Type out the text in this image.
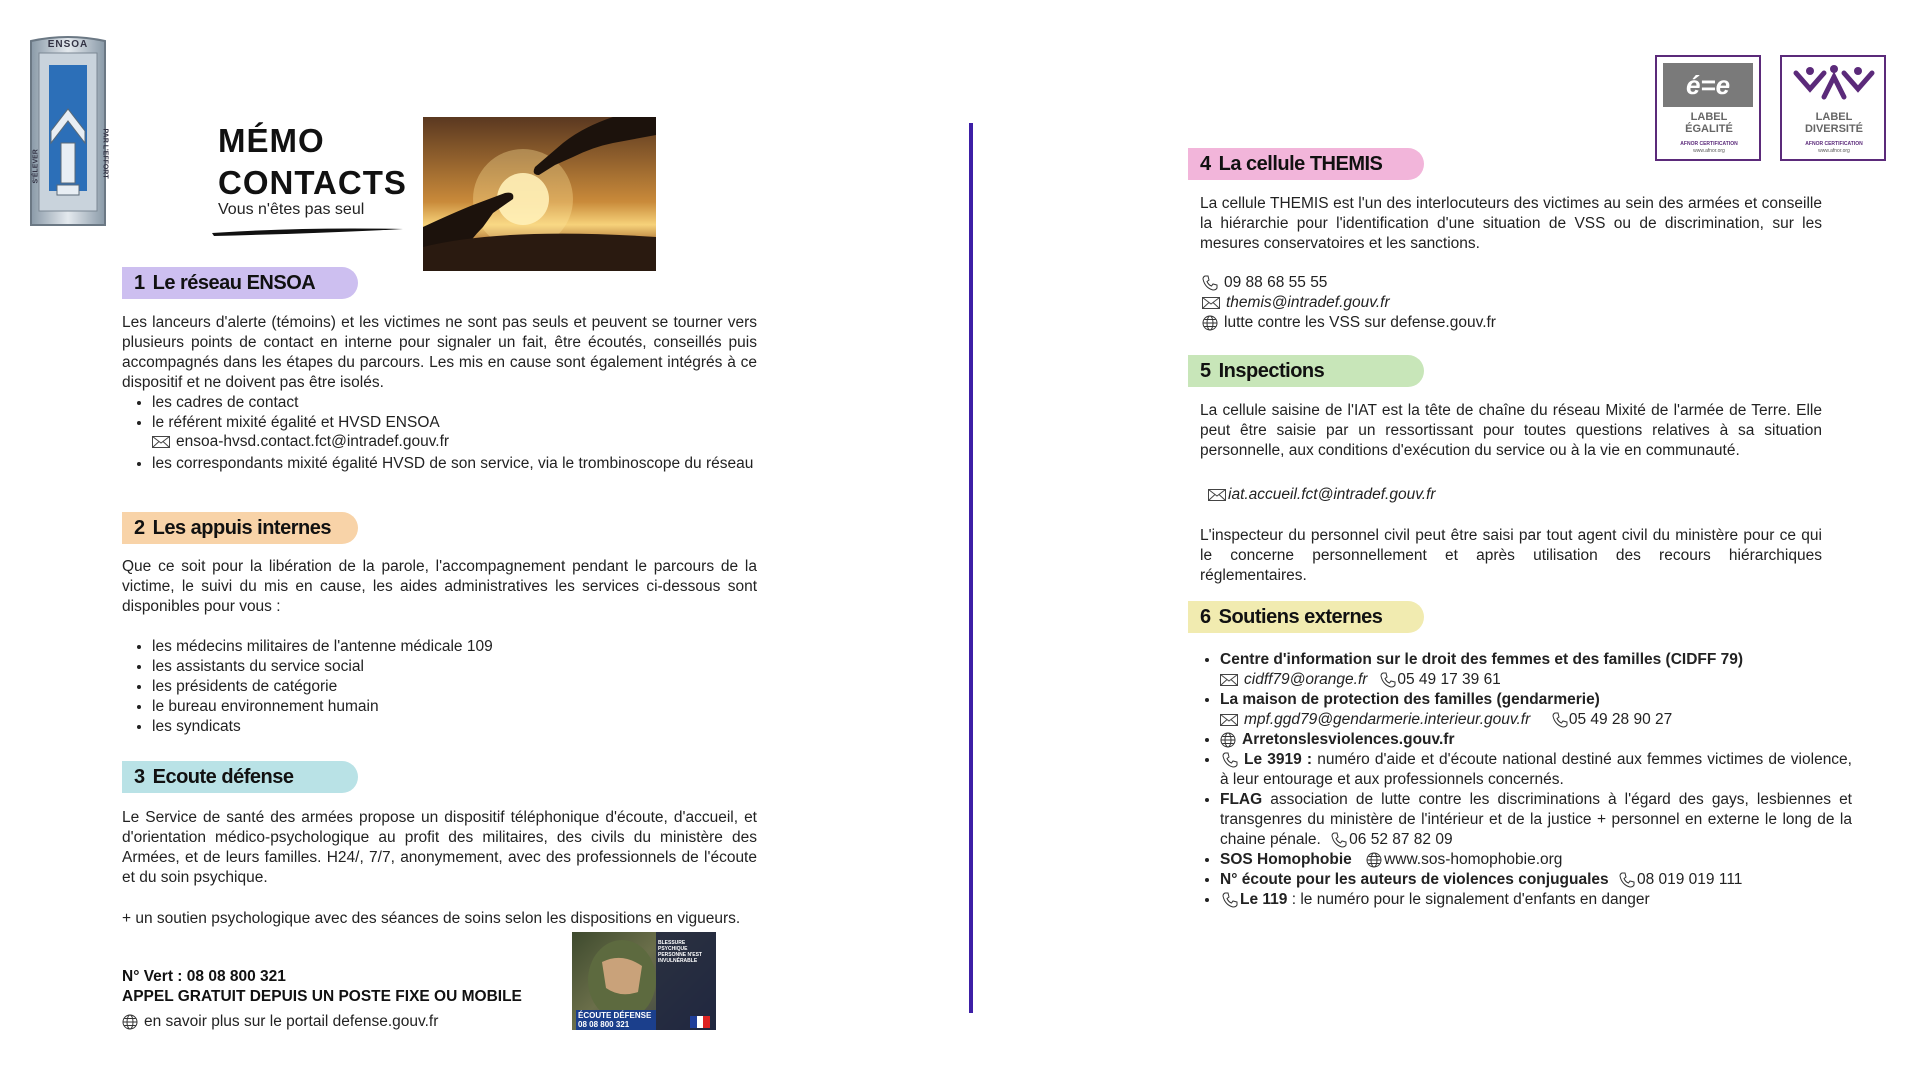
ENSOA
S'ÉLEVER	PAR L'EFFORT	MÉMO
CONTACTS
Vous n'êtes pas seul
1 Le réseau ENSOA

Les lanceurs d'alerte (témoins) et les victimes ne sont pas seuls et peuvent se tourner vers plusieurs points de contact en interne pour signaler un fait, être écoutés, conseillés puis accompagnés dans les étapes du parcours. Les mis en cause sont également intégrés à ce dispositif et ne doivent pas être isolés.

• les cadres de contact
• le référent mixité égalité et HVSD ENSOA
ensoa-hvsd.contact.fct@intradef.gouv.fr
• les correspondants mixité égalité HVSD de son service, via le trombinoscope du réseau
2 Les appuis internes

Que ce soit pour la libération de la parole, l'accompagnement pendant le parcours de la victime, le suivi du mis en cause, les aides administratives les services ci-dessous sont disponibles pour vous :

• les médecins militaires de l'antenne médicale 109
• les assistants du service social
• les présidents de catégorie
• le bureau environnement humain
• les syndicats
3 Ecoute défense

Le Service de santé des armées propose un dispositif téléphonique d'écoute, d'accueil, et d'orientation médico-psychologique au profit des militaires, des civils du ministère des Armées, et de leurs familles. H24/, 7/7, anonymement, avec des professionnels de l'écoute et du soin psychique.

+ un soutien psychologique avec des séances de soins selon les dispositions en vigueurs.

N° Vert : 08 08 800 321
APPEL GRATUIT DEPUIS UN POSTE FIXE OU MOBILE
en savoir plus sur le portail defense.gouv.fr
BLESSURE PSYCHIQUE
PERSONNE N'EST INVULNÉRABLE
ÉCOUTE DÉFENSE
08 08 800 321
é=e
LABEL
ÉGALITÉ
AFNOR CERTIFICATION
www.afnor.org
LABEL
DIVERSITÉ
AFNOR CERTIFICATION
www.afnor.org
4 La cellule THEMIS

La cellule THEMIS est l'un des interlocuteurs des victimes au sein des armées et conseille la hiérarchie pour l'identification d'une situation de VSS ou de discrimination, sur les mesures conservatoires et les sanctions.

09 88 68 55 55
themis@intradef.gouv.fr
lutte contre les VSS sur defense.gouv.fr
5 Inspections

La cellule saisine de l'IAT est la tête de chaîne du réseau Mixité de l'armée de Terre. Elle peut être saisie par un ressortissant pour toutes questions relatives à sa situation personnelle, aux conditions d'exécution du service ou à la vie en communauté.

iat.accueil.fct@intradef.gouv.fr

L'inspecteur du personnel civil peut être saisi par tout agent civil du ministère pour ce qui le concerne personnellement et après utilisation des recours hiérarchiques réglementaires.

6 Soutiens externes
• Centre d'information sur le droit des femmes et des familles (CIDFF 79)
cidff79@orange.fr 05 49 17 39 61
• La maison de protection des familles (gendarmerie)
mpf.ggd79@gendarmerie.interieur.gouv.fr 05 49 28 90 27
• Arretonslesviolences.gouv.fr
• Le 3919 : numéro d'aide et d'écoute national destiné aux femmes victimes de violence, à leur entourage et aux professionnels concernés.
• FLAG association de lutte contre les discriminations à l'égard des gays, lesbiennes et transgenres du ministère de l'intérieur et de la justice + personnel en externe le long de la chaine pénale. 06 52 87 82 09
• SOS Homophobie www.sos-homophobie.org
• N° écoute pour les auteurs de violences conjuguales 08 019 019 111
• Le 119 : le numéro pour le signalement d'enfants en danger
